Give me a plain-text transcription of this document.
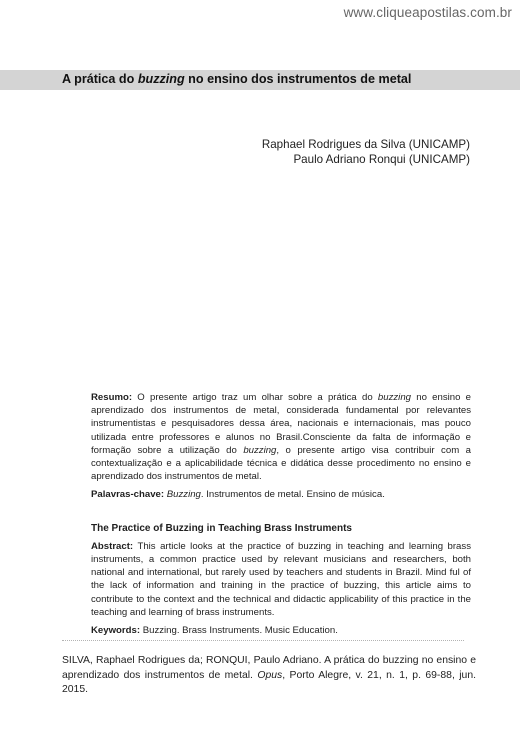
www.cliqueapostilas.com.br
A prática do buzzing no ensino dos instrumentos de metal
Raphael Rodrigues da Silva (UNICAMP)
Paulo Adriano Ronqui (UNICAMP)

Resumo: O presente artigo traz um olhar sobre a prática do buzzing no ensino e aprendizado dos instrumentos de metal, considerada fundamental por relevantes instrumentistas e pesquisadores dessa área, nacionais e internacionais, mas pouco utilizada entre professores e alunos no Brasil.Consciente da falta de informação e formação sobre a utilização do buzzing, o presente artigo visa contribuir com a contextualização e a aplicabilidade técnica e didática desse procedimento no ensino e aprendizado dos instrumentos de metal.

Palavras-chave: Buzzing. Instrumentos de metal. Ensino de música.

The Practice of Buzzing in Teaching Brass Instruments

Abstract: This article looks at the practice of buzzing in teaching and learning brass instruments, a common practice used by relevant musicians and researchers, both national and international, but rarely used by teachers and students in Brazil. Mind ful of the lack of information and training in the practice of buzzing, this article aims to contribute to the context and the technical and didactic applicability of this practice in the teaching and learning of brass instruments.

Keywords: Buzzing. Brass Instruments. Music Education.

SILVA, Raphael Rodrigues da; RONQUI, Paulo Adriano. A prática do buzzing no ensino e aprendizado dos instrumentos de metal. Opus, Porto Alegre, v. 21, n. 1, p. 69-88, jun. 2015.
